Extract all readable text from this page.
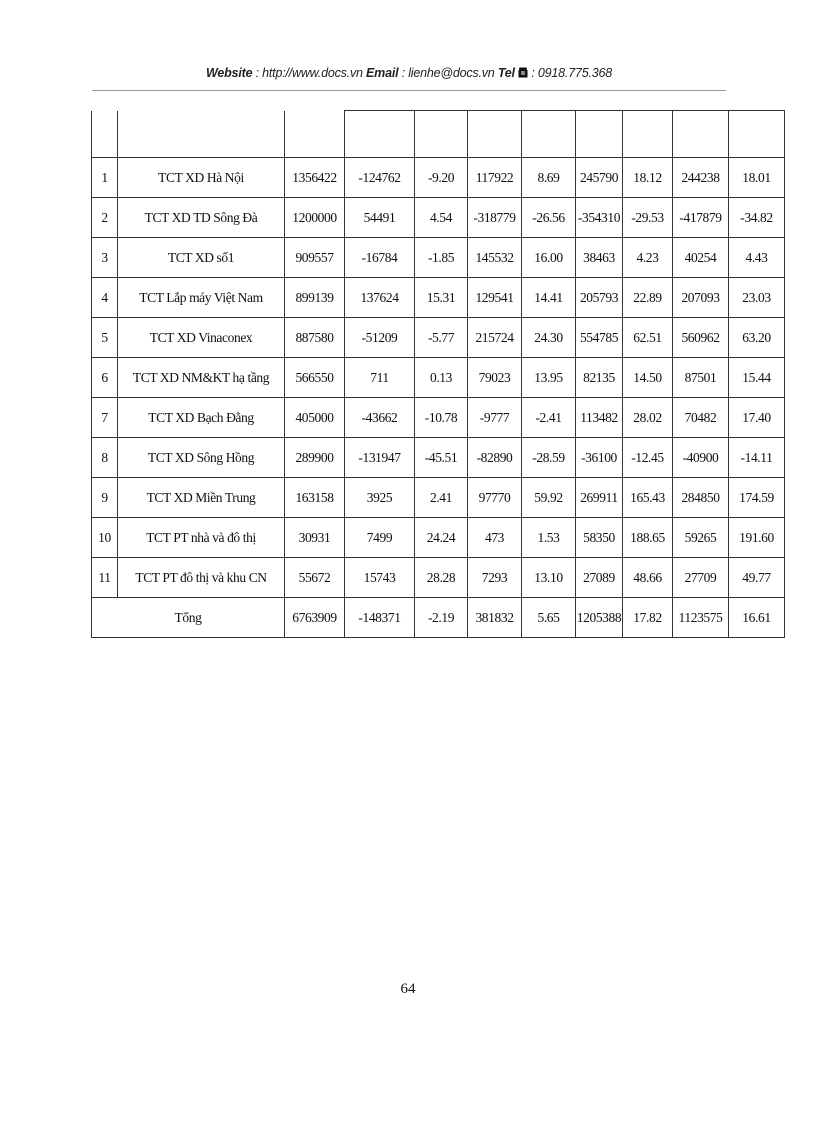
Website : http://www.docs.vn Email : lienhe@docs.vn Tel  : 0918.775.368

1	TCT XD Hà Nội	1356422	-124762	-9.20	117922	8.69	245790	18.12	244238	18.01
2	TCT XD TD Sông Đà	1200000	54491	4.54	-318779	-26.56	-354310	-29.53	-417879	-34.82
3	TCT XD số1	909557	-16784	-1.85	145532	16.00	38463	4.23	40254	4.43
4	TCT Lắp máy Việt Nam	899139	137624	15.31	129541	14.41	205793	22.89	207093	23.03
5	TCT XD Vinaconex	887580	-51209	-5.77	215724	24.30	554785	62.51	560962	63.20
6	TCT XD NM&KT hạ tầng	566550	711	0.13	79023	13.95	82135	14.50	87501	15.44
7	TCT XD Bạch Đằng	405000	-43662	-10.78	-9777	-2.41	113482	28.02	70482	17.40
8	TCT XD Sông Hồng	289900	-131947	-45.51	-82890	-28.59	-36100	-12.45	-40900	-14.11
9	TCT XD Miền Trung	163158	3925	2.41	97770	59.92	269911	165.43	284850	174.59
10	TCT PT nhà và đô thị	30931	7499	24.24	473	1.53	58350	188.65	59265	191.60
11	TCT PT đô thị và khu CN	55672	15743	28.28	7293	13.10	27089	48.66	27709	49.77
Tổng		6763909	-148371	-2.19	381832	5.65	1205388	17.82	1123575	16.61
64
